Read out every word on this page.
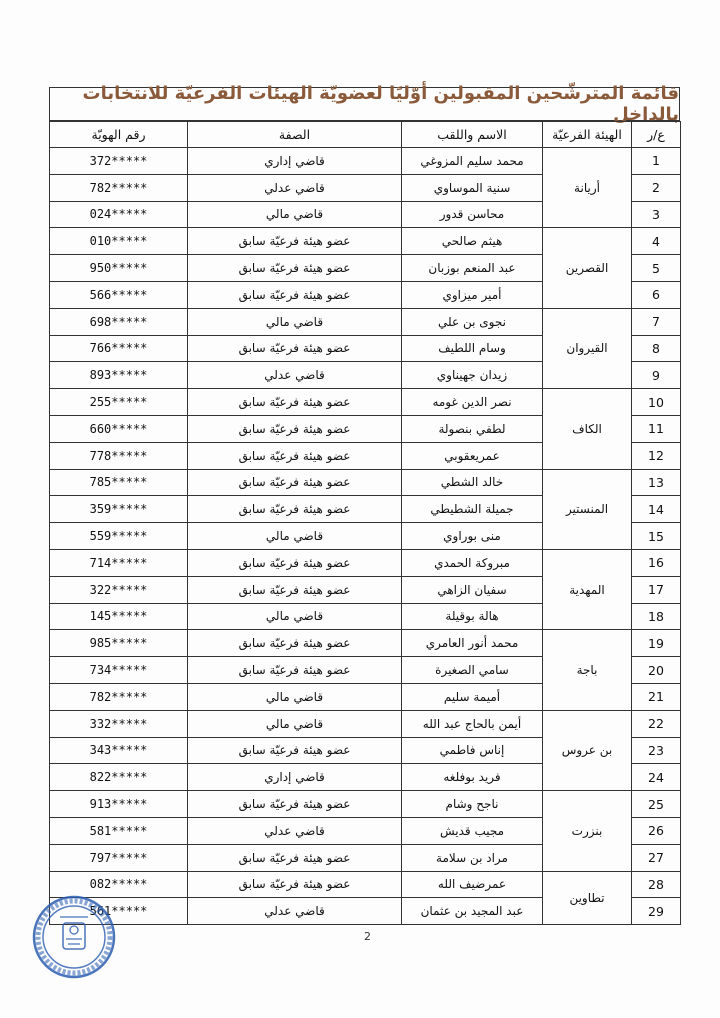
قائمة المترشّحين المقبولين أوّليًا لعضويّة الهيئات الفرعيّة للانتخابات بالداخل
ع/ر	الهيئة الفرعيّة	الاسم واللقب	الصفة	رقم الهويّة
1	أريانة	محمد سليم المزوغي	قاضي إداري	372*****
2		سنية الموساوي	قاضي عدلي	782*****
3		محاسن قدور	قاضي مالي	024*****
4	القصرين	هيثم صالحي	عضو هيئة فرعيّة سابق	010*****
5		عبد المنعم بوزبان	عضو هيئة فرعيّة سابق	950*****
6		أمير ميزاوي	عضو هيئة فرعيّة سابق	566*****
7	القيروان	نجوى بن علي	قاضي مالي	698*****
8		وسام اللطيف	عضو هيئة فرعيّة سابق	766*****
9		زيدان جهيناوي	قاضي عدلي	893*****
10	الكاف	نصر الدين غومه	عضو هيئة فرعيّة سابق	255*****
11		لطفي بنصولة	عضو هيئة فرعيّة سابق	660*****
12		عمريعقوبي	عضو هيئة فرعيّة سابق	778*****
13	المنستير	خالد الشطي	عضو هيئة فرعيّة سابق	785*****
14		جميلة الشطيطي	عضو هيئة فرعيّة سابق	359*****
15		منى بوراوي	قاضي مالي	559*****
16	المهدية	مبروكة الحمدي	عضو هيئة فرعيّة سابق	714*****
17		سفيان الزاهي	عضو هيئة فرعيّة سابق	322*****
18		هالة بوقيلة	قاضي مالي	145*****
19	باجة	محمد أنور العامري	عضو هيئة فرعيّة سابق	985*****
20		سامي الصغيرة	عضو هيئة فرعيّة سابق	734*****
21		أميمة سليم	قاضي مالي	782*****
22	بن عروس	أيمن بالحاج عبد الله	قاضي مالي	332*****
23		إناس فاطمي	عضو هيئة فرعيّة سابق	343*****
24		فريد بوفلغه	قاضي إداري	822*****
25	بنزرت	ناجح وشام	عضو هيئة فرعيّة سابق	913*****
26		مجيب قديش	قاضي عدلي	581*****
27		مراد بن سلامة	عضو هيئة فرعيّة سابق	797*****
28	تطاوين	عمرضيف الله	عضو هيئة فرعيّة سابق	082*****
29		عبد المجيد بن عثمان	قاضي عدلي	561*****
2
